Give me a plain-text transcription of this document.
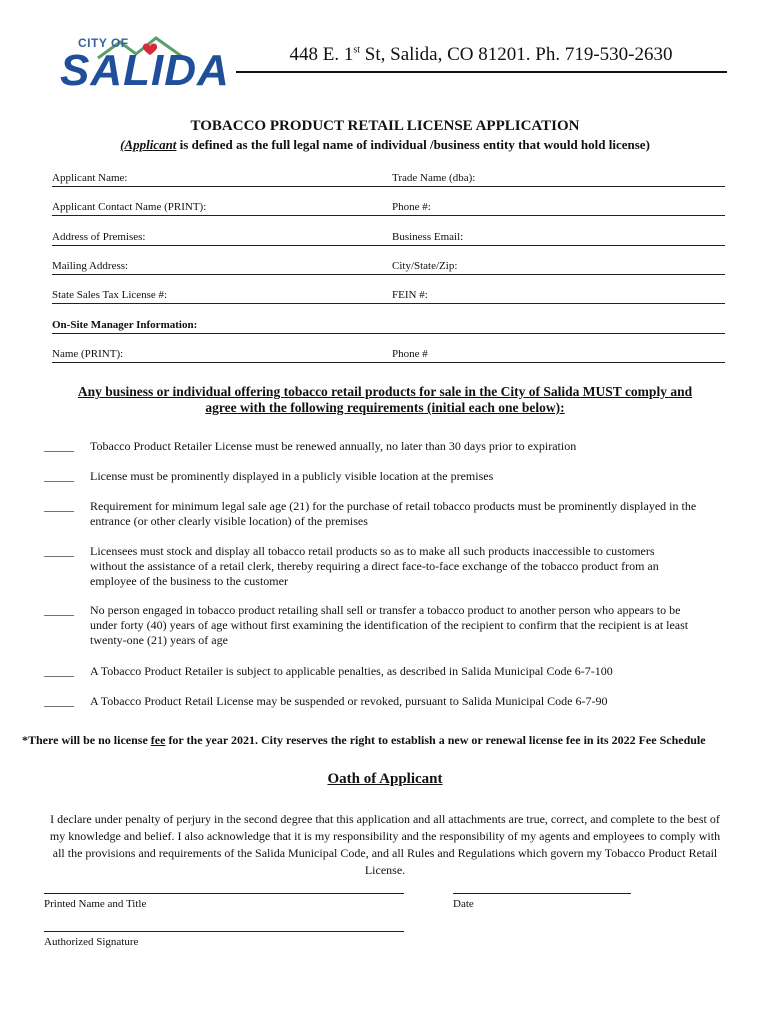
CITY OF
SALIDA	448 E. 1st St, Salida, CO 81201. Ph. 719-530-2630
TOBACCO PRODUCT RETAIL LICENSE APPLICATION
(Applicant is defined as the full legal name of individual /business entity that would hold license)
Applicant Name:	Trade Name (dba):
Applicant Contact Name (PRINT):	Phone #:
Address of Premises:	Business Email:
Mailing Address:	City/State/Zip:
State Sales Tax License #:	FEIN #:
On-Site Manager Information:
Name (PRINT):	Phone #
Any business or individual offering tobacco retail products for sale in the City of Salida MUST comply and
agree with the following requirements (initial each one below):
_____	Tobacco Product Retailer License must be renewed annually, no later than 30 days prior to expiration
_____	License must be prominently displayed in a publicly visible location at the premises
_____	Requirement for minimum legal sale age (21) for the purchase of retail tobacco products must be prominently displayed in the entrance (or other clearly visible location) of the premises
_____	Licensees must stock and display all tobacco retail products so as to make all such products inaccessible to customers without the assistance of a retail clerk, thereby requiring a direct face-to-face exchange of the tobacco product from an employee of the business to the customer
_____	No person engaged in tobacco product retailing shall sell or transfer a tobacco product to another person who appears to be under forty (40) years of age without first examining the identification of the recipient to confirm that the recipient is at least twenty-one (21) years of age
_____	A Tobacco Product Retailer is subject to applicable penalties, as described in Salida Municipal Code 6-7-100
_____	A Tobacco Product Retail License may be suspended or revoked, pursuant to Salida Municipal Code 6-7-90
*There will be no license fee for the year 2021. City reserves the right to establish a new or renewal license fee in its 2022 Fee Schedule
Oath of Applicant
I declare under penalty of perjury in the second degree that this application and all attachments are true, correct, and complete to the best of my knowledge and belief. I also acknowledge that it is my responsibility and the responsibility of my agents and employees to comply with all the provisions and requirements of the Salida Municipal Code, and all Rules and Regulations which govern my Tobacco Product Retail License.
Printed Name and Title	Date
Authorized Signature
